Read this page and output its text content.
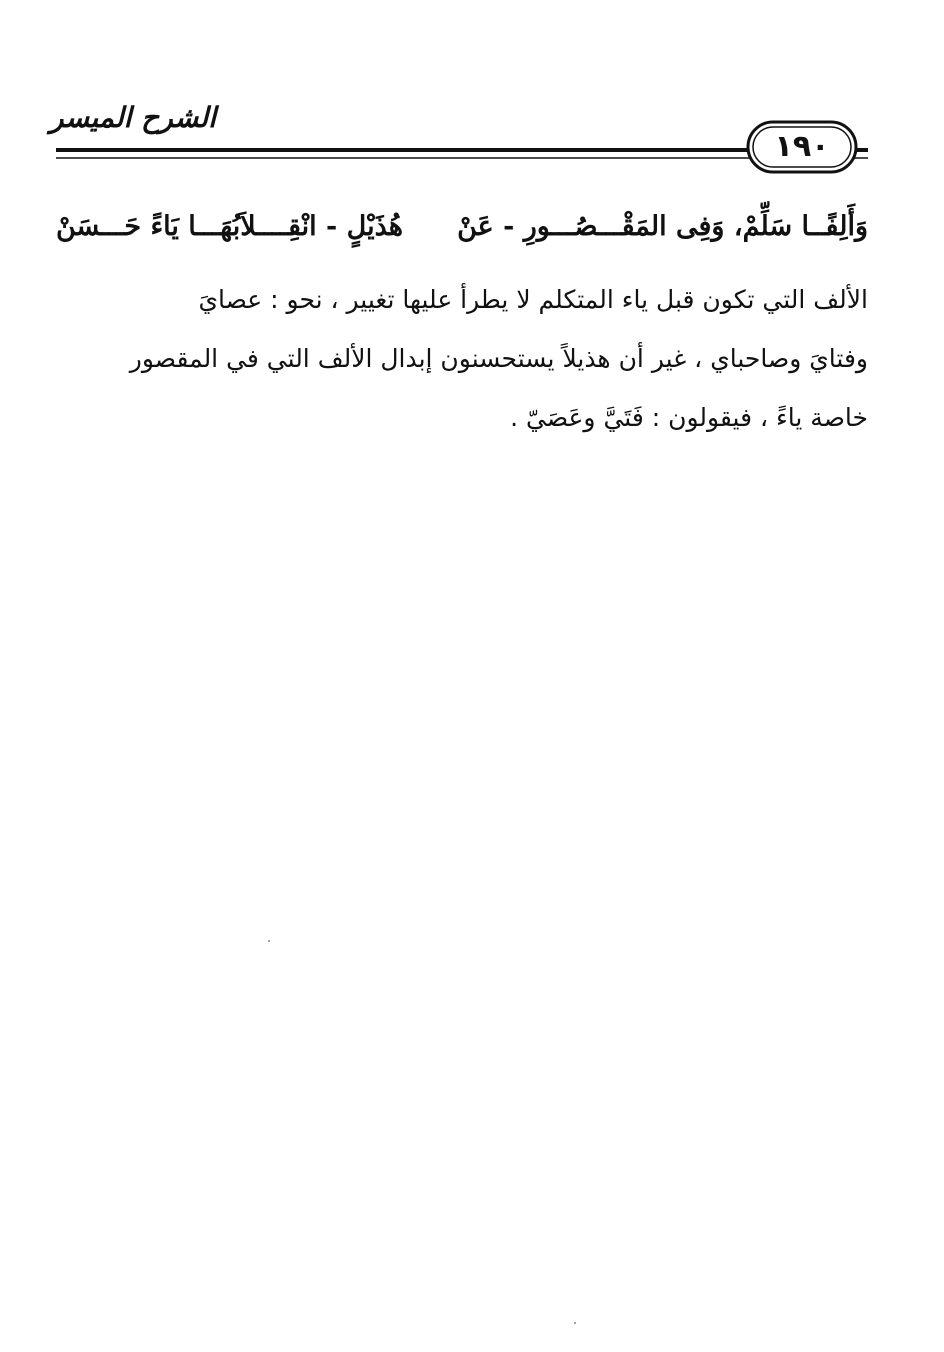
الشرح الميسر
١٩٠
وَأَلِفًــا سَلِّمْ، وَفِى المَقْـــصُـــورِ - عَنْ
هُذَيْلٍ - انْقِــــلاَبُهَـــا يَاءً حَـــسَنْ
الألف التي تكون قبل ياء المتكلم لا يطرأ عليها تغيير ، نحو : عصايَ
وفتايَ وصاحباي ، غير أن هذيلاً يستحسنون إبدال الألف التي في المقصور
خاصة ياءً ، فيقولون : فَتَيَّ وعَصَيّ .
